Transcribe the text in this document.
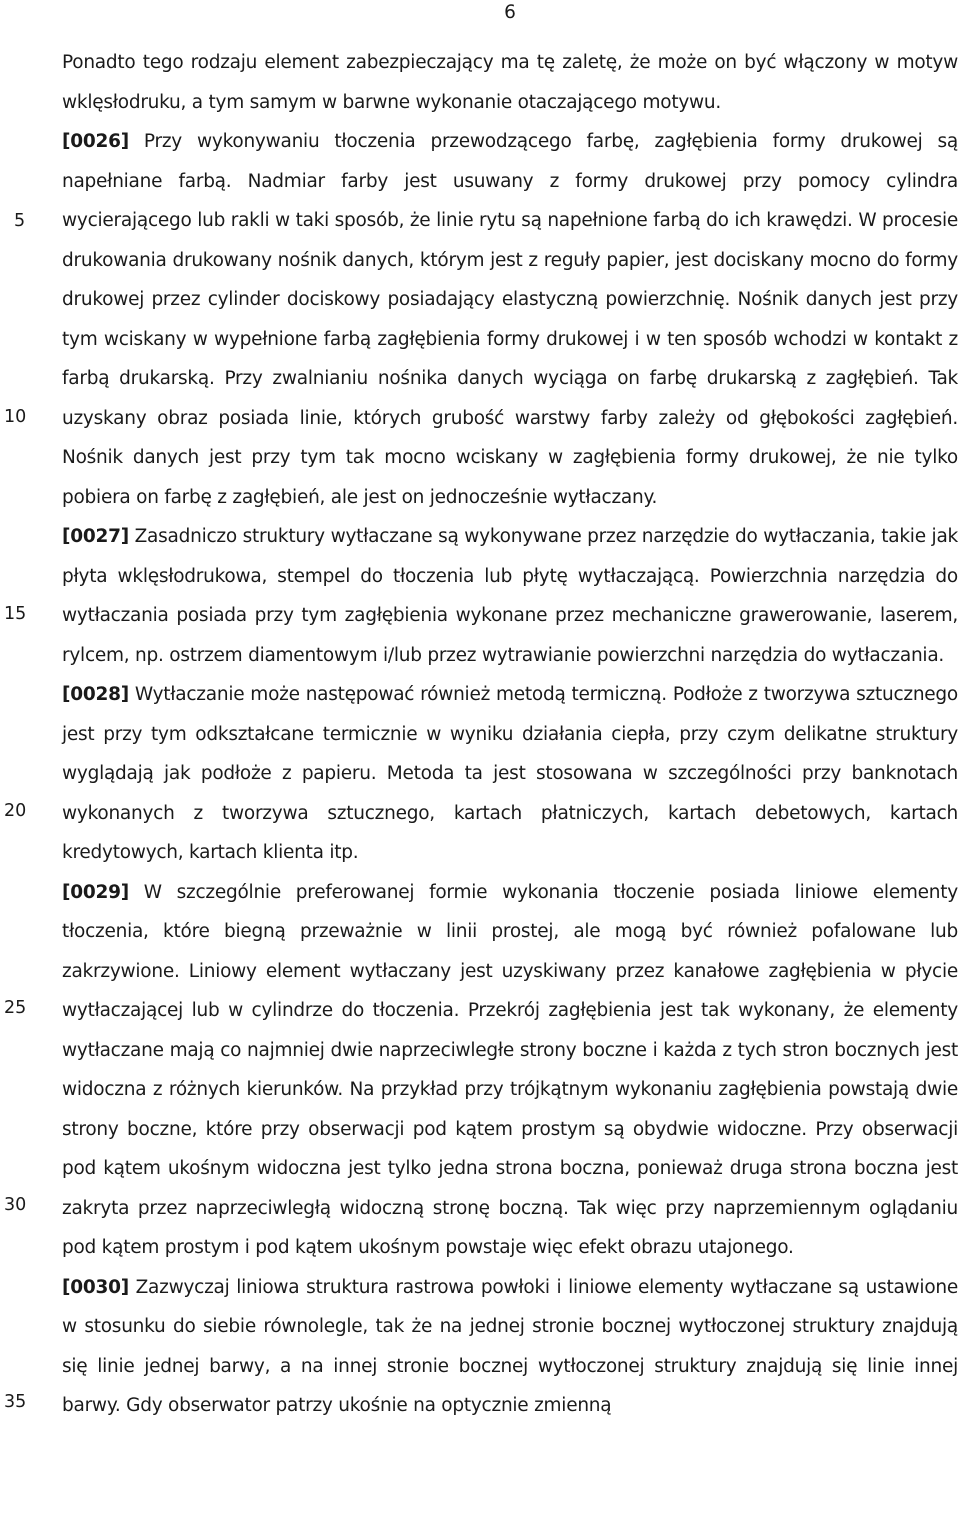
6
5
10
15
20
25
30
35

Ponadto tego rodzaju element zabezpieczający ma tę zaletę, że może on być włączony w motyw wklęsłodruku, a tym samym w barwne wykonanie otaczającego motywu.

[0026] Przy wykonywaniu tłoczenia przewodzącego farbę, zagłębienia formy drukowej są napełniane farbą. Nadmiar farby jest usuwany z formy drukowej przy pomocy cylindra wycierającego lub rakli w taki sposób, że linie rytu są napełnione farbą do ich krawędzi. W procesie drukowania drukowany nośnik danych, którym jest z reguły papier, jest dociskany mocno do formy drukowej przez cylinder dociskowy posiadający elastyczną powierzchnię. Nośnik danych jest przy tym wciskany w wypełnione farbą zagłębienia formy drukowej i w ten sposób wchodzi w kontakt z farbą drukarską. Przy zwalnianiu nośnika danych wyciąga on farbę drukarską z zagłębień. Tak uzyskany obraz posiada linie, których grubość warstwy farby zależy od głębokości zagłębień. Nośnik danych jest przy tym tak mocno wciskany w zagłębienia formy drukowej, że nie tylko pobiera on farbę z zagłębień, ale jest on jednocześnie wytłaczany.

[0027] Zasadniczo struktury wytłaczane są wykonywane przez narzędzie do wytłaczania, takie jak płyta wklęsłodrukowa, stempel do tłoczenia lub płytę wytłaczającą. Powierzchnia narzędzia do wytłaczania posiada przy tym zagłębienia wykonane przez mechaniczne grawerowanie, laserem, rylcem, np. ostrzem diamentowym i/lub przez wytrawianie powierzchni narzędzia do wytłaczania.

[0028] Wytłaczanie może następować również metodą termiczną. Podłoże z tworzywa sztucznego jest przy tym odkształcane termicznie w wyniku działania ciepła, przy czym delikatne struktury wyglądają jak podłoże z papieru. Metoda ta jest stosowana w szczególności przy banknotach wykonanych z tworzywa sztucznego, kartach płatniczych, kartach debetowych, kartach kredytowych, kartach klienta itp.

[0029] W szczególnie preferowanej formie wykonania tłoczenie posiada liniowe elementy tłoczenia, które biegną przeważnie w linii prostej, ale mogą być również pofalowane lub zakrzywione. Liniowy element wytłaczany jest uzyskiwany przez kanałowe zagłębienia w płycie wytłaczającej lub w cylindrze do tłoczenia. Przekrój zagłębienia jest tak wykonany, że elementy wytłaczane mają co najmniej dwie naprzeciwległe strony boczne i każda z tych stron bocznych jest widoczna z różnych kierunków. Na przykład przy trójkątnym wykonaniu zagłębienia powstają dwie strony boczne, które przy obserwacji pod kątem prostym są obydwie widoczne. Przy obserwacji pod kątem ukośnym widoczna jest tylko jedna strona boczna, ponieważ druga strona boczna jest zakryta przez naprzeciwległą widoczną stronę boczną. Tak więc przy naprzemiennym oglądaniu pod kątem prostym i pod kątem ukośnym powstaje więc efekt obrazu utajonego.

[0030] Zazwyczaj liniowa struktura rastrowa powłoki i liniowe elementy wytłaczane są ustawione w stosunku do siebie równolegle, tak że na jednej stronie bocznej wytłoczonej struktury znajdują się linie jednej barwy, a na innej stronie bocznej wytłoczonej struktury znajdują się linie innej barwy. Gdy obserwator patrzy ukośnie na optycznie zmienną
